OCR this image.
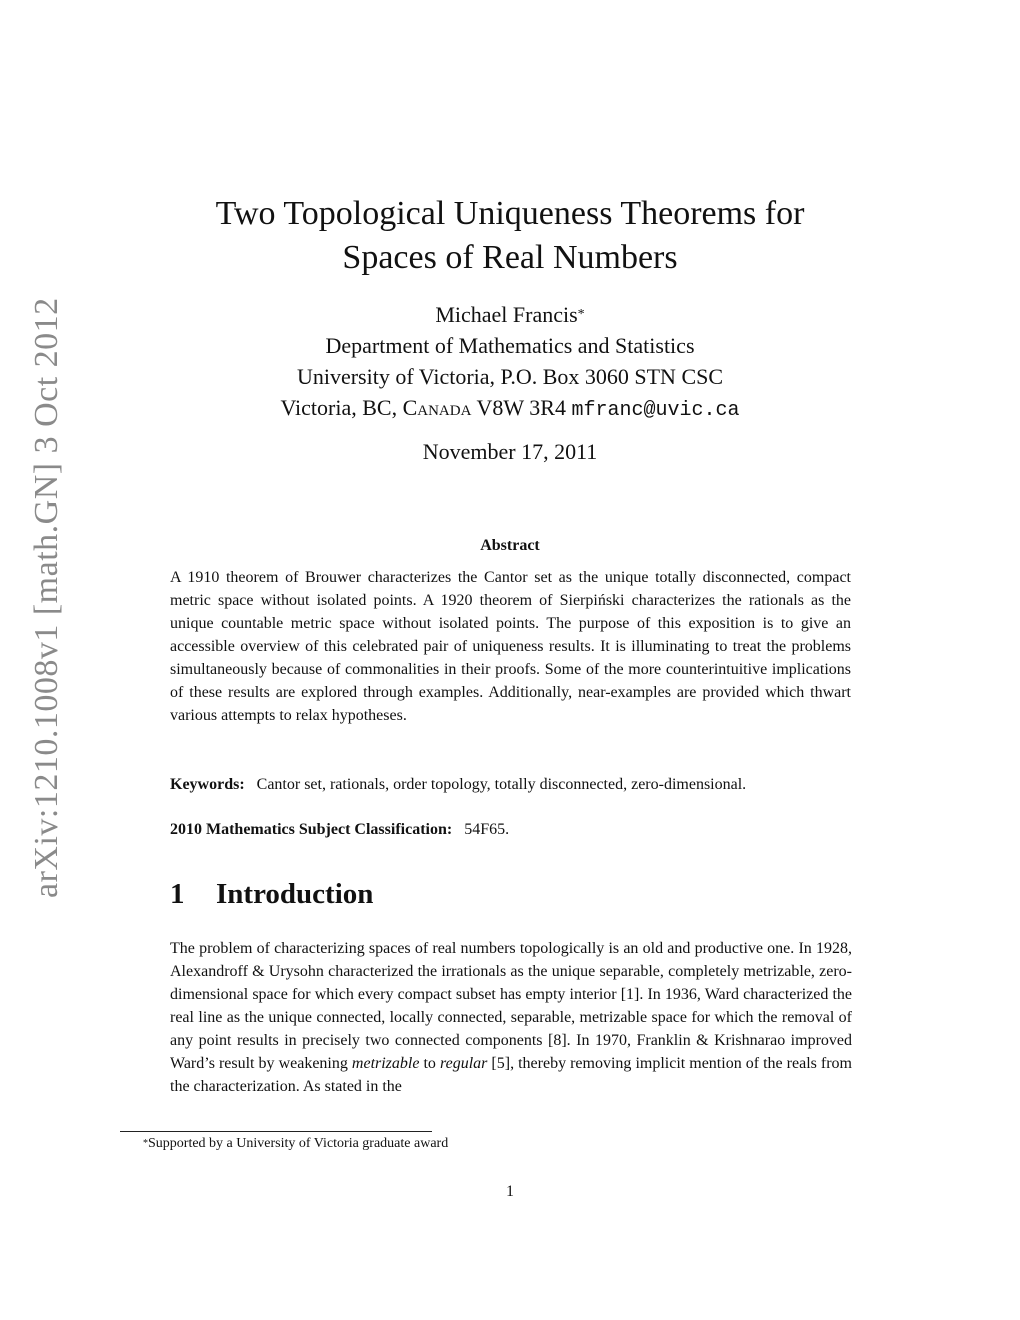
arXiv:1210.1008v1 [math.GN] 3 Oct 2012
Two Topological Uniqueness Theorems for
Spaces of Real Numbers
Michael Francis*
Department of Mathematics and Statistics
University of Victoria, P.O. Box 3060 STN CSC
Victoria, BC, Canada V8W 3R4 mfranc@uvic.ca
November 17, 2011
Abstract
A 1910 theorem of Brouwer characterizes the Cantor set as the unique totally disconnected, compact metric space without isolated points. A 1920 theorem of Sierpiński characterizes the rationals as the unique countable metric space without isolated points. The purpose of this exposition is to give an accessible overview of this celebrated pair of uniqueness results. It is illuminating to treat the problems simultaneously because of commonalities in their proofs. Some of the more counterintuitive implications of these results are explored through examples. Additionally, near-examples are provided which thwart various attempts to relax hypotheses.
Keywords: Cantor set, rationals, order topology, totally disconnected, zero-dimensional.
2010 Mathematics Subject Classification: 54F65.
1 Introduction
The problem of characterizing spaces of real numbers topologically is an old and productive one. In 1928, Alexandroff & Urysohn characterized the irrationals as the unique separable, completely metrizable, zero-dimensional space for which every compact subset has empty interior [1]. In 1936, Ward characterized the real line as the unique connected, locally connected, separable, metrizable space for which the removal of any point results in precisely two connected components [8]. In 1970, Franklin & Krishnarao improved Ward’s result by weakening metrizable to regular [5], thereby removing implicit mention of the reals from the characterization. As stated in the
*Supported by a University of Victoria graduate award
1
